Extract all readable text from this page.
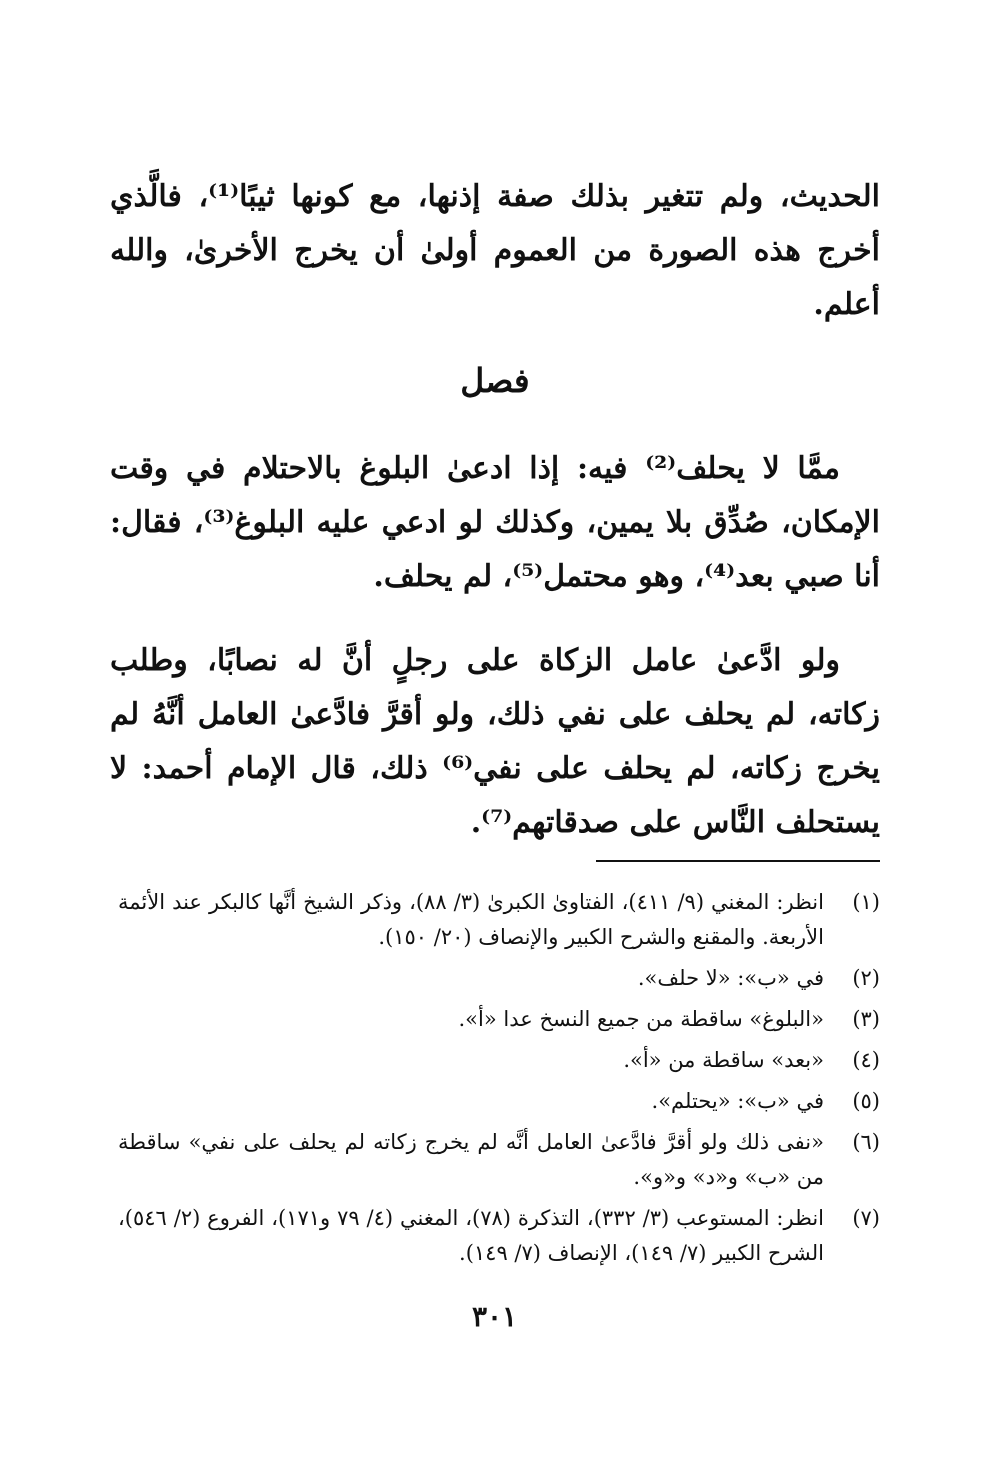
الحديث، ولم تتغير بذلك صفة إذنها، مع كونها ثيبًا⁽¹⁾، فالَّذي أخرج هذه الصورة من العموم أولىٰ أن يخرج الأخرىٰ، والله أعلم.

فصل

ممَّا لا يحلف⁽²⁾ فيه: إذا ادعىٰ البلوغ بالاحتلام في وقت الإمكان، صُدِّق بلا يمين، وكذلك لو ادعي عليه البلوغ⁽³⁾، فقال: أنا صبي بعد⁽⁴⁾، وهو محتمل⁽⁵⁾، لم يحلف.

ولو ادَّعىٰ عامل الزكاة على رجلٍ أنَّ له نصابًا، وطلب زكاته، لم يحلف على نفي ذلك، ولو أقرَّ فادَّعىٰ العامل أنَّهُ لم يخرج زكاته، لم يحلف على نفي⁽⁶⁾ ذلك، قال الإمام أحمد: لا يستحلف النَّاس على صدقاتهم⁽⁷⁾.

(١)
انظر: المغني (٩/ ٤١١)، الفتاوىٰ الكبرىٰ (٣/ ٨٨)، وذكر الشيخ أنَّها كالبكر عند الأئمة الأربعة. والمقنع والشرح الكبير والإنصاف (٢٠/ ١٥٠).
(٢)
في «ب»: «لا حلف».
(٣)
«البلوغ» ساقطة من جميع النسخ عدا «أ».
(٤)
«بعد» ساقطة من «أ».
(٥)
في «ب»: «يحتلم».
(٦)
«نفى ذلك ولو أقرَّ فادَّعىٰ العامل أنَّه لم يخرج زكاته لم يحلف على نفي» ساقطة من «ب» و«د» و«و».
(٧)
انظر: المستوعب (٣/ ٣٣٢)، التذكرة (٧٨)، المغني (٤/ ٧٩ و١٧١)، الفروع (٢/ ٥٤٦)، الشرح الكبير (٧/ ١٤٩)، الإنصاف (٧/ ١٤٩).
٣٠١
